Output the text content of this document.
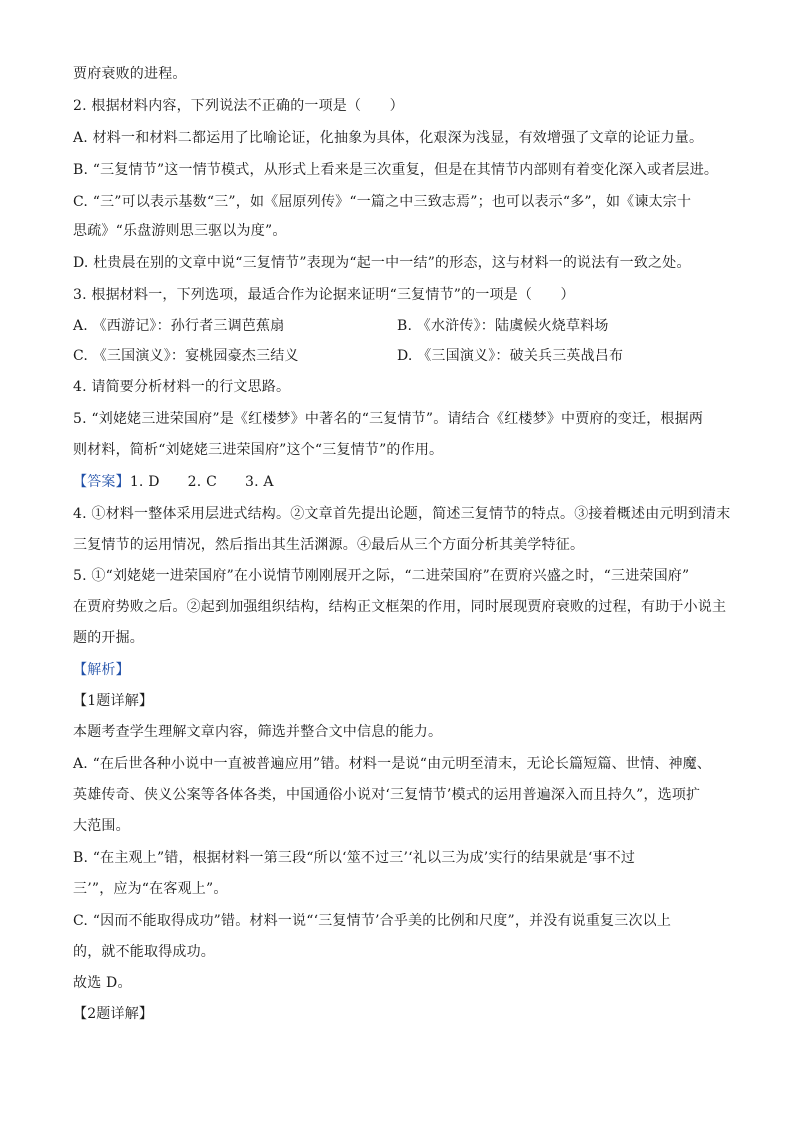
贾府衰败的进程。
2. 根据材料内容，下列说法不正确的一项是（　　）
A. 材料一和材料二都运用了比喻论证，化抽象为具体，化艰深为浅显，有效增强了文章的论证力量。
B. “三复情节”这一情节模式，从形式上看来是三次重复，但是在其情节内部则有着变化深入或者层进。
C. “三”可以表示基数“三”，如《屈原列传》“一篇之中三致志焉”；也可以表示“多”，如《谏太宗十
思疏》“乐盘游则思三驱以为度”。
D. 杜贵晨在别的文章中说“三复情节”表现为“起一中一结”的形态，这与材料一的说法有一致之处。
3. 根据材料一，下列选项，最适合作为论据来证明“三复情节”的一项是（　　）
A. 《西游记》：孙行者三调芭蕉扇	B. 《水浒传》：陆虞候火烧草料场
C. 《三国演义》：宴桃园豪杰三结义	D. 《三国演义》：破关兵三英战吕布
4. 请简要分析材料一的行文思路。
5. “刘姥姥三进荣国府”是《红楼梦》中著名的“三复情节”。请结合《红楼梦》中贾府的变迁，根据两
则材料，简析“刘姥姥三进荣国府”这个“三复情节”的作用。
【答案】1. D 2. C 3. A
4. ①材料一整体采用层进式结构。②文章首先提出论题，简述三复情节的特点。③接着概述由元明到清末
三复情节的运用情况，然后指出其生活渊源。④最后从三个方面分析其美学特征。
5. ①“刘姥姥一进荣国府”在小说情节刚刚展开之际，“二进荣国府”在贾府兴盛之时，“三进荣国府”
在贾府势败之后。②起到加强组织结构，结构正文框架的作用，同时展现贾府衰败的过程，有助于小说主
题的开掘。
【解析】
【1题详解】
本题考查学生理解文章内容，筛选并整合文中信息的能力。
A. “在后世各种小说中一直被普遍应用”错。材料一是说“由元明至清末，无论长篇短篇、世情、神魔、
英雄传奇、侠义公案等各体各类，中国通俗小说对‘三复情节’模式的运用普遍深入而且持久”，选项扩
大范围。
B. “在主观上”错，根据材料一第三段“所以‘筮不过三’‘礼以三为成’实行的结果就是‘事不过
三’”，应为“在客观上”。
C. “因而不能取得成功”错。材料一说“‘三复情节’合乎美的比例和尺度”，并没有说重复三次以上
的，就不能取得成功。
故选 D。
【2题详解】
